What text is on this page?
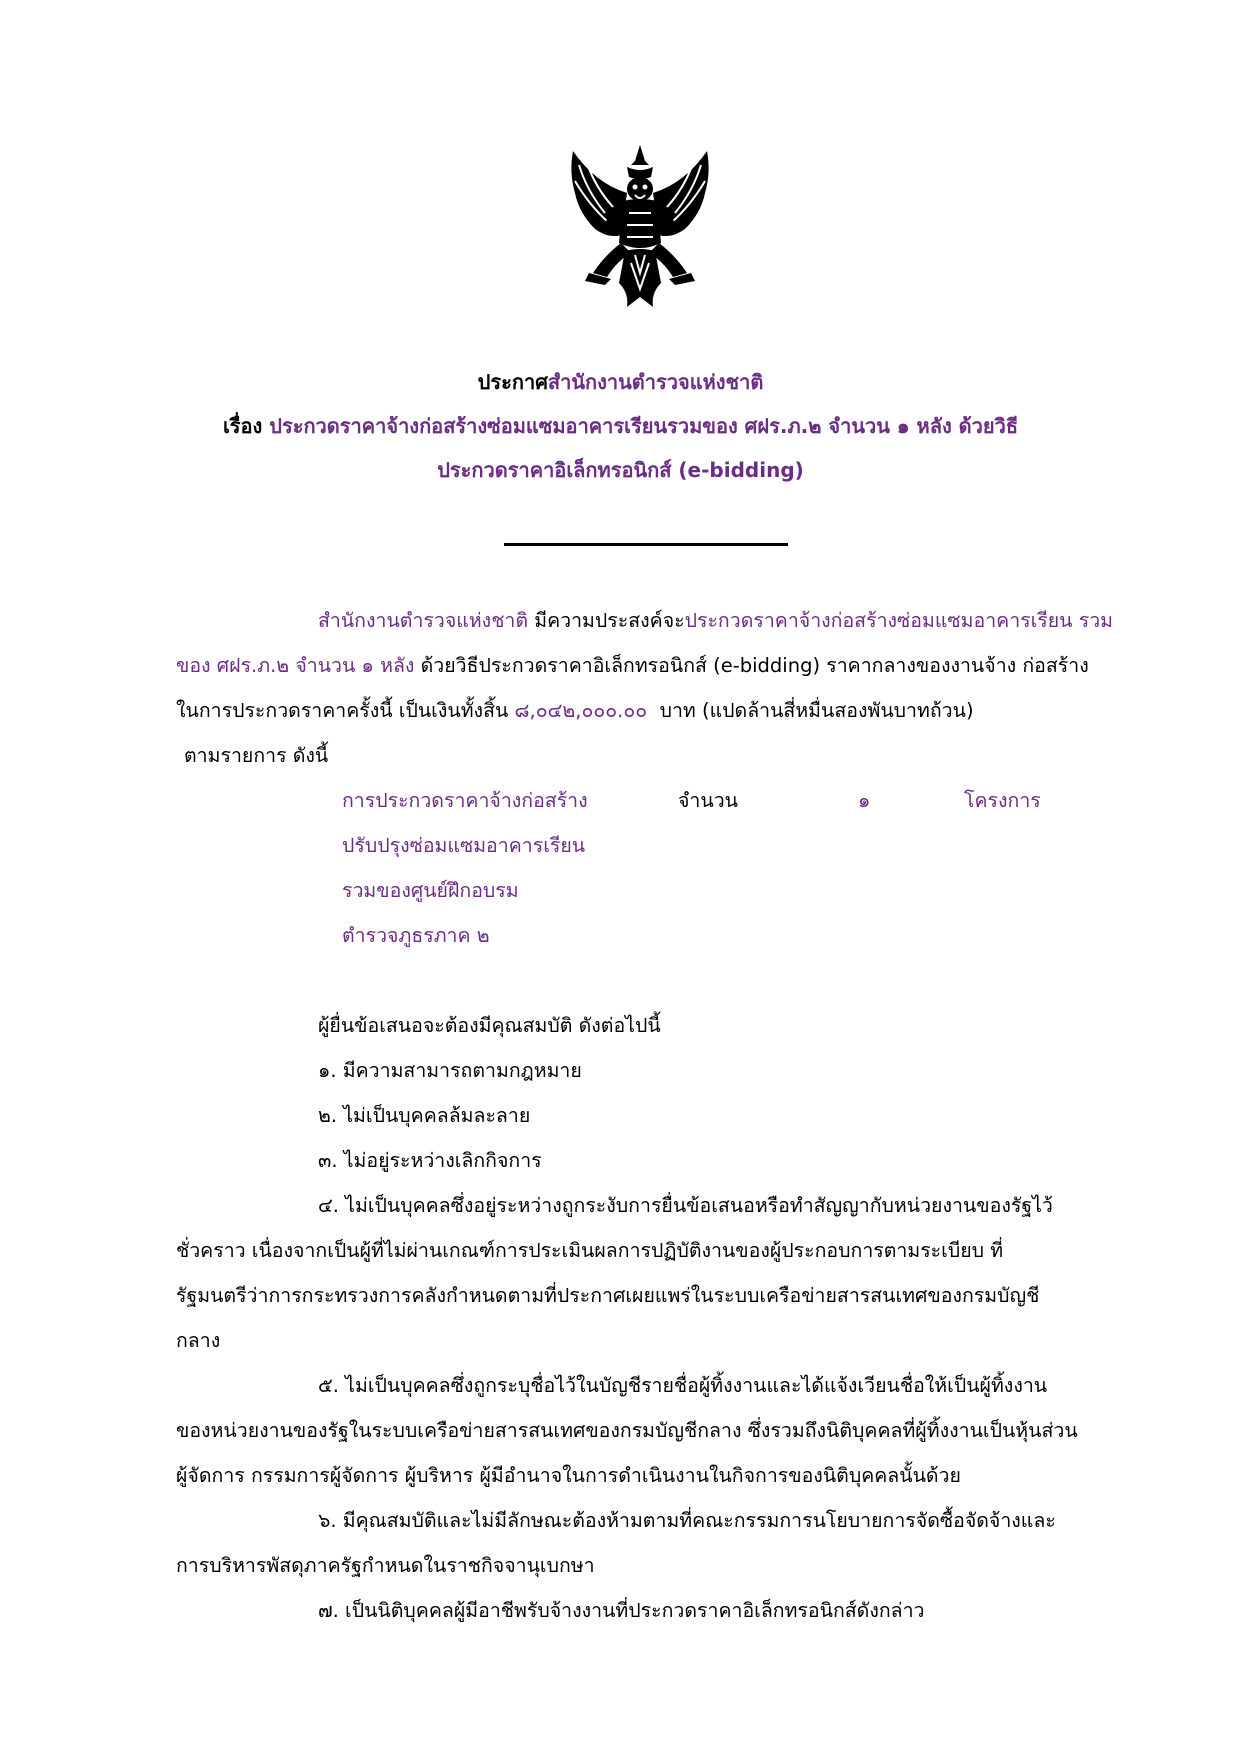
ประกาศสำนักงานตำรวจแห่งชาติ
เรื่อง ประกวดราคาจ้างก่อสร้างซ่อมแซมอาคารเรียนรวมของ ศฝร.ภ.๒ จำนวน ๑ หลัง ด้วยวิธี
ประกวดราคาอิเล็กทรอนิกส์ (e-bidding)

สำนักงานตำรวจแห่งชาติ มีความประสงค์จะประกวดราคาจ้างก่อสร้างซ่อมแซมอาคารเรียน รวมของ ศฝร.ภ.๒ จำนวน ๑ หลัง ด้วยวิธีประกวดราคาอิเล็กทรอนิกส์ (e-bidding) ราคากลางของงานจ้าง ก่อสร้าง ในการประกวดราคาครั้งนี้ เป็นเงินทั้งสิ้น ๘,๐๔๒,๐๐๐.๐๐ บาท (แปดล้านสี่หมื่นสองพันบาทถ้วน)

ตามรายการ ดังนี้

การประกวดราคาจ้างก่อสร้าง	จำนวน	๑	โครงการ
ปรับปรุงซ่อมแซมอาคารเรียน
รวมของศูนย์ฝึกอบรม
ตำรวจภูธรภาค ๒

ผู้ยื่นข้อเสนอจะต้องมีคุณสมบัติ ดังต่อไปนี้

๑. มีความสามารถตามกฎหมาย

๒. ไม่เป็นบุคคลล้มละลาย

๓. ไม่อยู่ระหว่างเลิกกิจการ

๔. ไม่เป็นบุคคลซึ่งอยู่ระหว่างถูกระงับการยื่นข้อเสนอหรือทำสัญญากับหน่วยงานของรัฐไว้

ชั่วคราว เนื่องจากเป็นผู้ที่ไม่ผ่านเกณฑ์การประเมินผลการปฏิบัติงานของผู้ประกอบการตามระเบียบ ที่

รัฐมนตรีว่าการกระทรวงการคลังกำหนดตามที่ประกาศเผยแพร่ในระบบเครือข่ายสารสนเทศของกรมบัญชี

กลาง

๕. ไม่เป็นบุคคลซึ่งถูกระบุชื่อไว้ในบัญชีรายชื่อผู้ทิ้งงานและได้แจ้งเวียนชื่อให้เป็นผู้ทิ้งงาน

ของหน่วยงานของรัฐในระบบเครือข่ายสารสนเทศของกรมบัญชีกลาง ซึ่งรวมถึงนิติบุคคลที่ผู้ทิ้งงานเป็นหุ้นส่วน

ผู้จัดการ กรรมการผู้จัดการ ผู้บริหาร ผู้มีอำนาจในการดำเนินงานในกิจการของนิติบุคคลนั้นด้วย

๖. มีคุณสมบัติและไม่มีลักษณะต้องห้ามตามที่คณะกรรมการนโยบายการจัดซื้อจัดจ้างและ

การบริหารพัสดุภาครัฐกำหนดในราชกิจจานุเบกษา

๗. เป็นนิติบุคคลผู้มีอาชีพรับจ้างงานที่ประกวดราคาอิเล็กทรอนิกส์ดังกล่าว
